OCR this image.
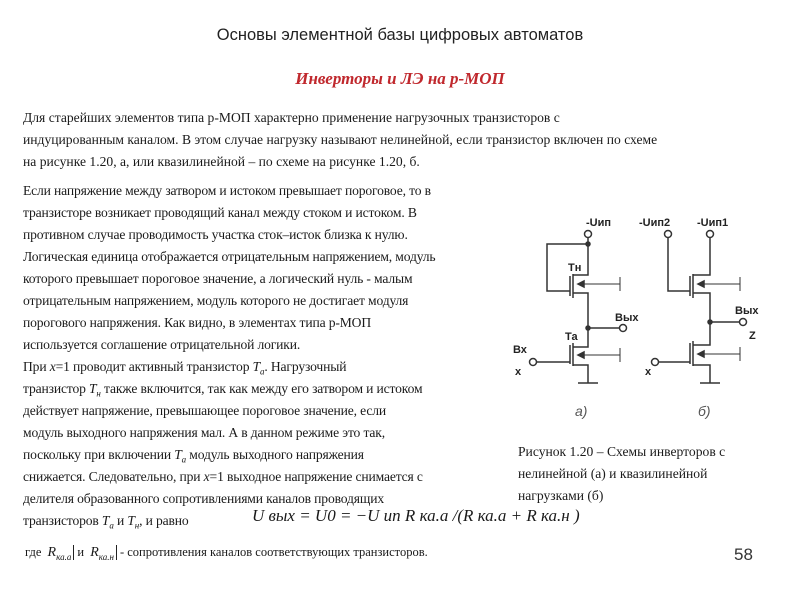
Основы элементной базы цифровых автоматов
Инверторы и ЛЭ на p-МОП
Для старейших элементов типа p-МОП характерно применение нагрузочных транзисторов с
индуцированным каналом. В этом случае нагрузку называют нелинейной, если транзистор включен по схеме
на рисунке 1.20, а, или квазилинейной – по схеме на рисунке 1.20, б.
Если напряжение между затвором и истоком превышает пороговое, то в
транзисторе возникает проводящий канал между стоком и истоком. В
противном случае проводимость участка сток–исток близка к нулю.
Логическая единица отображается отрицательным напряжением, модуль
которого превышает пороговое значение, а логический нуль - малым
отрицательным напряжением, модуль которого не достигает модуля
порогового напряжения. Как видно, в элементах типа p-МОП
используется соглашение отрицательной логики.
При x=1 проводит активный транзистор $T_а$. Нагрузочный
транзистор $T_н$ также включится, так как между его затвором и истоком
действует напряжение, превышающее пороговое значение, если
модуль выходного напряжения мал. А в данном режиме это так,
поскольку при включении $T_а$ модуль выходного напряжения
снижается. Следовательно, при x=1 выходное напряжение снимается с
делителя образованного сопротивлениями каналов проводящих
транзисторов $T_а$ и $T_н$, и равно	U вых = U0 = −U ип R ка.а /(R ка.а + R ка.н )
где $R_{ка.а}$ и $R_{ка.н}$ - сопротивления каналов соответствующих транзисторов.
-Uип
Тн
Та
Вых
Вх
x
а)
-Uип2 -Uип1
Вых
Z
x
б)
Рисунок 1.20 – Схемы инверторов с
нелинейной (а) и квазилинейной
нагрузками (б)
58
